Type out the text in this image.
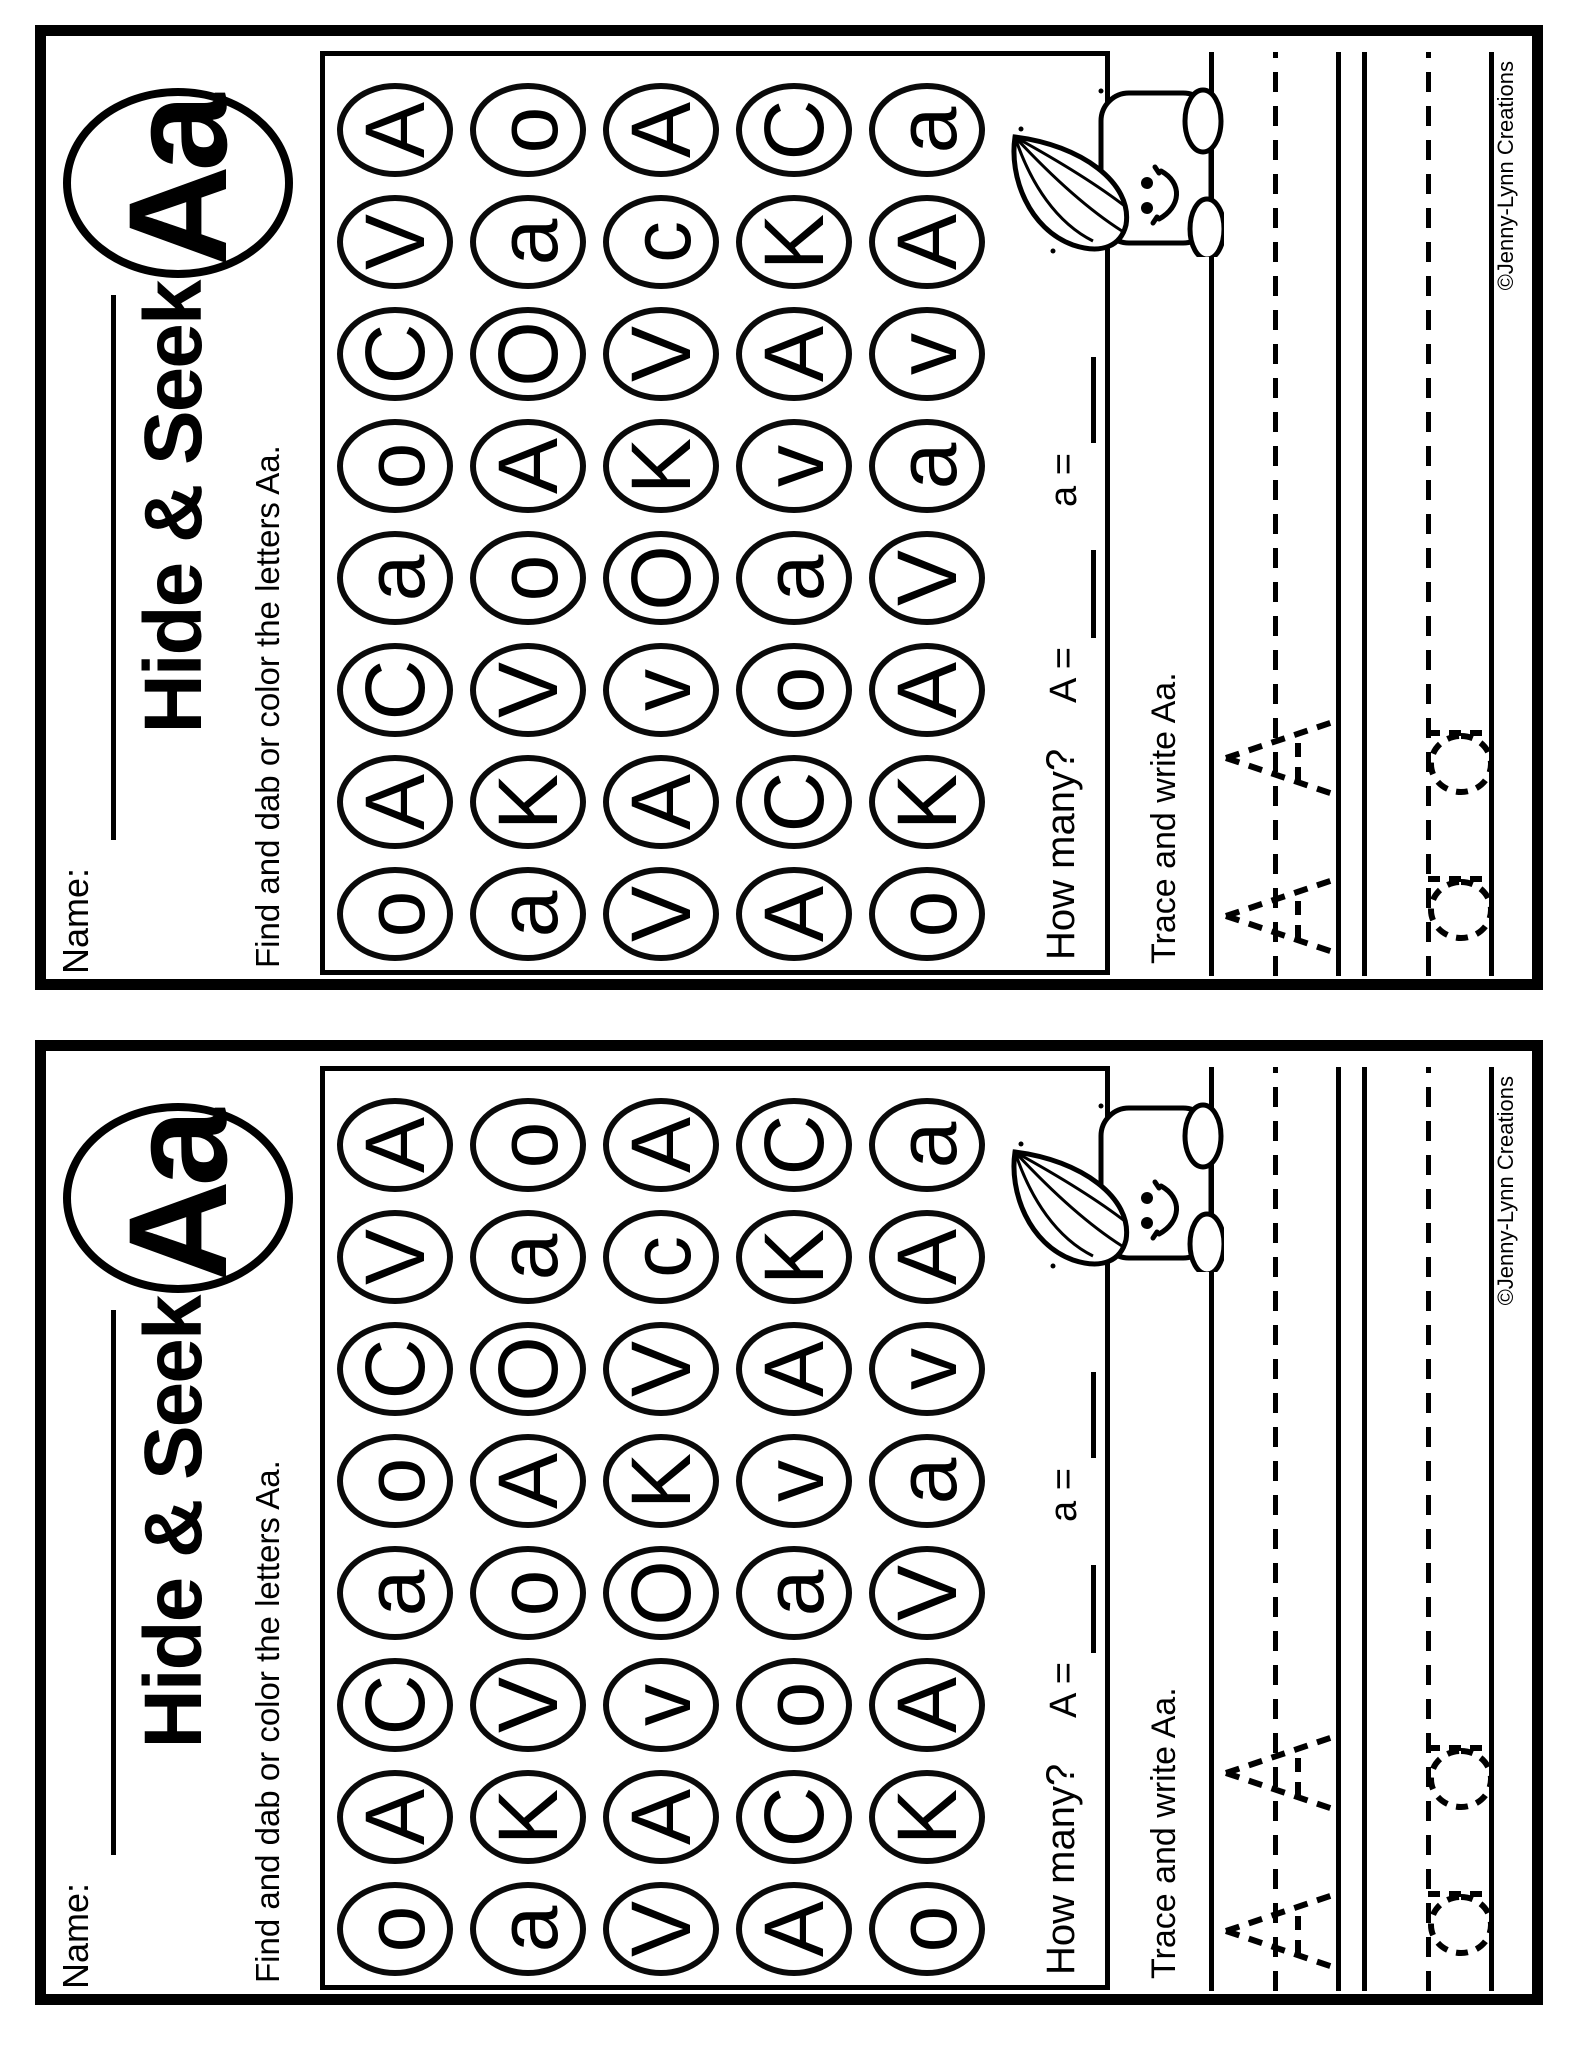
Name:
Hide & Seek Find and dab or color the letters Aa.
Aa
o
A
C
a
o
C
V
A
a
K
V
o
A
O
a
o
V
A
v
O
K
V
c
A
A
C
o
a
v
A
K
C
o
K
A
V
a
v
A
a
How many?
A =
a =
Trace and write Aa.
©Jenny-Lynn Creations
Name:
Hide & Seek Find and dab or color the letters Aa.
Aa
o
A
C
a
o
C
V
A
a
K
V
o
A
O
a
o
V
A
v
O
K
V
c
A
A
C
o
a
v
A
K
C
o
K
A
V
a
v
A
a
How many?
A =
a =
Trace and write Aa.
©Jenny-Lynn Creations
